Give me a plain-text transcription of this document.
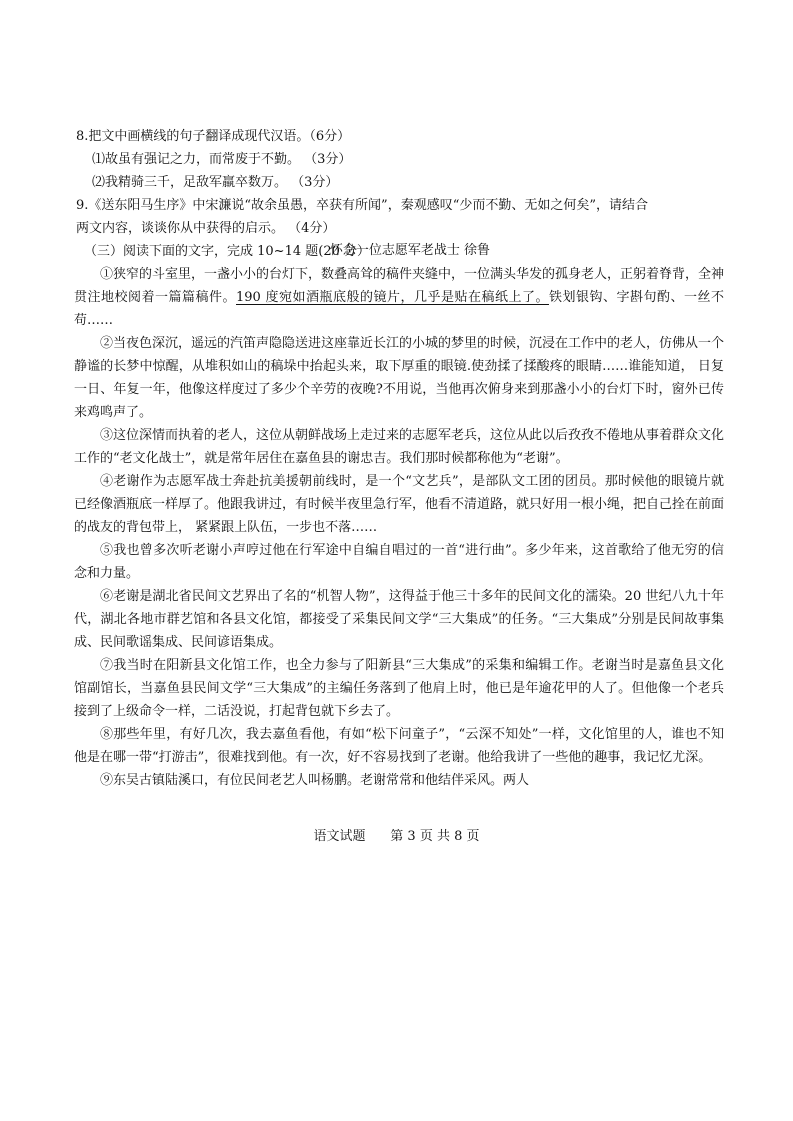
8.把文中画横线的句子翻译成现代汉语。（6分）
⑴故虽有强记之力，而常废于不勤。 （3分）
⑵我精骑三千，足敌军羸卒数万。 （3分）
9.《送东阳马生序》中宋濂说“故余虽愚，卒获有所闻”，秦观感叹“少而不勤、无如之何矣”，请结合
两文内容，谈谈你从中获得的启示。 （4分）
（三）阅读下面的文字，完成 10~14 题(20 分）
怀念一位志愿军老战士 徐鲁

①狭窄的斗室里，一盏小小的台灯下，数叠高耸的稿件夹缝中，一位满头华发的孤身老人，正躬着脊背，全神贯注地校阅着一篇篇稿件。190 度宛如酒瓶底般的镜片，几乎是贴在稿纸上了。铁划银钩、字斟句酌、一丝不苟……

②当夜色深沉，遥远的汽笛声隐隐送进这座靠近长江的小城的梦里的时候，沉浸在工作中的老人，仿佛从一个静谧的长梦中惊醒，从堆积如山的稿垛中抬起头来，取下厚重的眼镜.使劲揉了揉酸疼的眼睛……谁能知道， 日复一日、年复一年，他像这样度过了多少个辛劳的夜晚?不用说，当他再次俯身来到那盏小小的台灯下时，窗外已传来鸡鸣声了。

③这位深情而执着的老人，这位从朝鲜战场上走过来的志愿军老兵，这位从此以后孜孜不倦地从事着群众文化工作的“老文化战士”，就是常年居住在嘉鱼县的谢忠吉。我们那时候都称他为“老谢”。

④老谢作为志愿军战士奔赴抗美援朝前线时，是一个“文艺兵”，是部队文工团的团员。那时候他的眼镜片就已经像酒瓶底一样厚了。他跟我讲过，有时候半夜里急行军，他看不清道路，就只好用一根小绳，把自己拴在前面的战友的背包带上， 紧紧跟上队伍，一步也不落……

⑤我也曾多次听老谢小声哼过他在行军途中自编自唱过的一首“进行曲”。多少年来，这首歌给了他无穷的信念和力量。

⑥老谢是湖北省民间文艺界出了名的“机智人物”，这得益于他三十多年的民间文化的濡染。20 世纪八九十年代，湖北各地市群艺馆和各县文化馆，都接受了采集民间文学“三大集成”的任务。“三大集成”分别是民间故事集成、民间歌谣集成、民间谚语集成。

⑦我当时在阳新县文化馆工作，也全力参与了阳新县“三大集成”的采集和编辑工作。老谢当时是嘉鱼县文化馆副馆长，当嘉鱼县民间文学“三大集成”的主编任务落到了他肩上时，他已是年逾花甲的人了。但他像一个老兵接到了上级命令一样，二话没说，打起背包就下乡去了。

⑧那些年里，有好几次，我去嘉鱼看他，有如“松下问童子”，“云深不知处”一样，文化馆里的人，谁也不知他是在哪一带“打游击”，很难找到他。有一次，好不容易找到了老谢。他给我讲了一些他的趣事，我记忆尤深。

⑨东吴古镇陆溪口，有位民间老艺人叫杨鹏。老谢常常和他结伴采风。两人

语文试题      第 3 页 共 8 页
